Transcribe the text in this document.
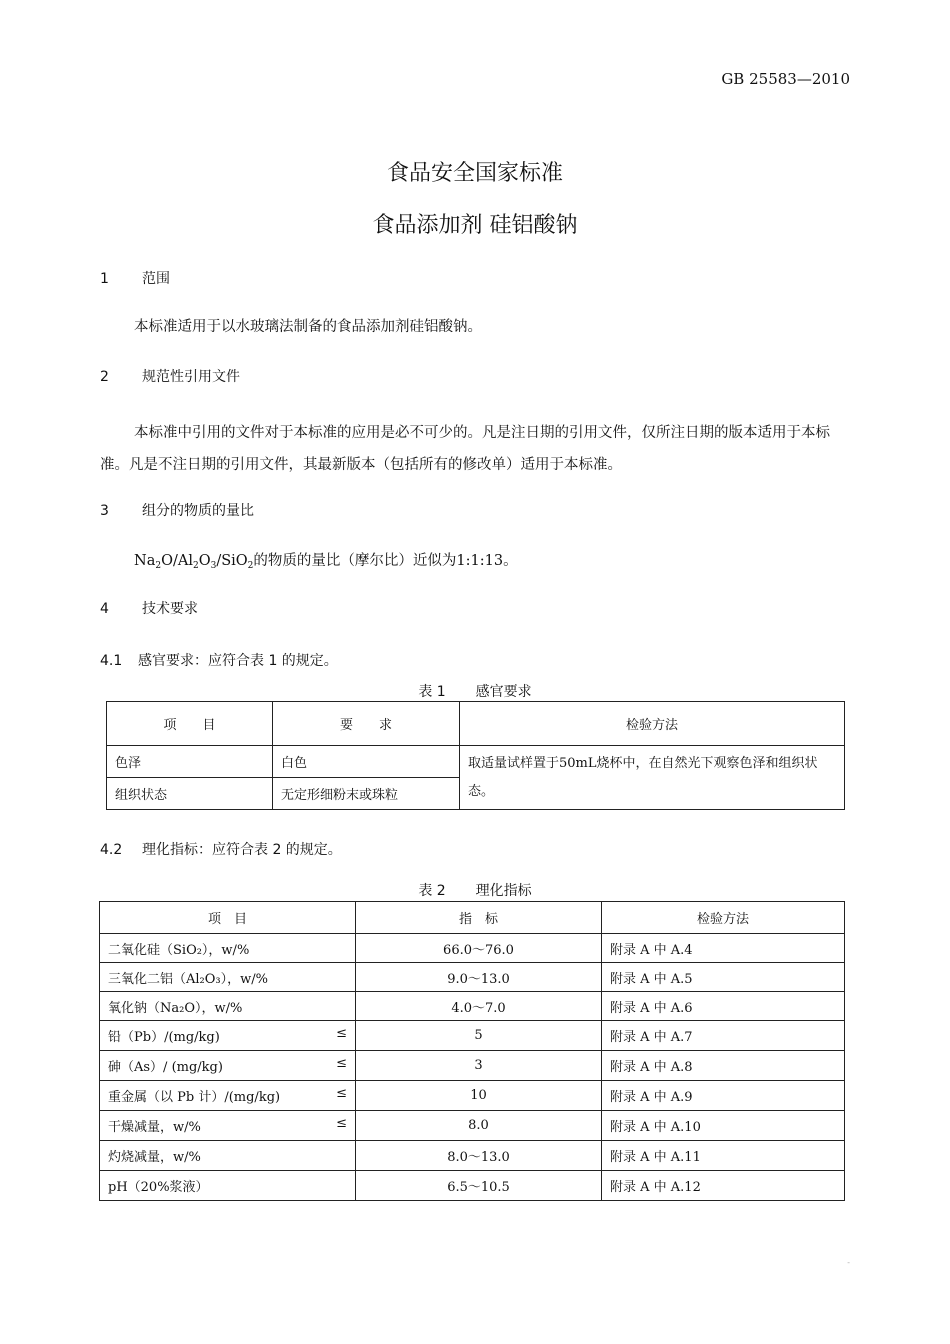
GB 25583—2010
食品安全国家标准
食品添加剂 硅铝酸钠
1 范围
本标准适用于以水玻璃法制备的食品添加剂硅铝酸钠。
2 规范性引用文件
本标准中引用的文件对于本标准的应用是必不可少的。凡是注日期的引用文件，仅所注日期的版本适用于本标准。凡是不注日期的引用文件，其最新版本（包括所有的修改单）适用于本标准。
3 组分的物质的量比
$Na_2O/Al_2O_3/SiO_2$的物质的量比（摩尔比）近似为1:1:13。
4 技术要求
4.1 感官要求：应符合表 1 的规定。
表 1 感官要求
项　　目	要　　求	检验方法
色泽	白色	取适量试样置于50mL烧杯中，在自然光下观察色泽和组织状态。
组织状态	无定形细粉末或珠粒	
4.2 理化指标：应符合表 2 的规定。
表 2 理化指标
项　目	指　标	检验方法

二氧化硅（SiO₂），w/%	66.0～76.0	附录 A 中 A.4

三氧化二铝（Al₂O₃），w/%	9.0～13.0	附录 A 中 A.5

氧化钠（Na₂O），w/%	4.0～7.0	附录 A 中 A.6

铅（Pb）/(mg/kg) ≤	5	附录 A 中 A.7

砷（As）/ (mg/kg) ≤	3	附录 A 中 A.8

重金属（以 Pb 计）/(mg/kg) ≤	10	附录 A 中 A.9

干燥减量，w/% ≤	8.0	附录 A 中 A.10

灼烧减量，w/%	8.0～13.0	附录 A 中 A.11

pH（20%浆液）	6.5～10.5	附录 A 中 A.12
-
